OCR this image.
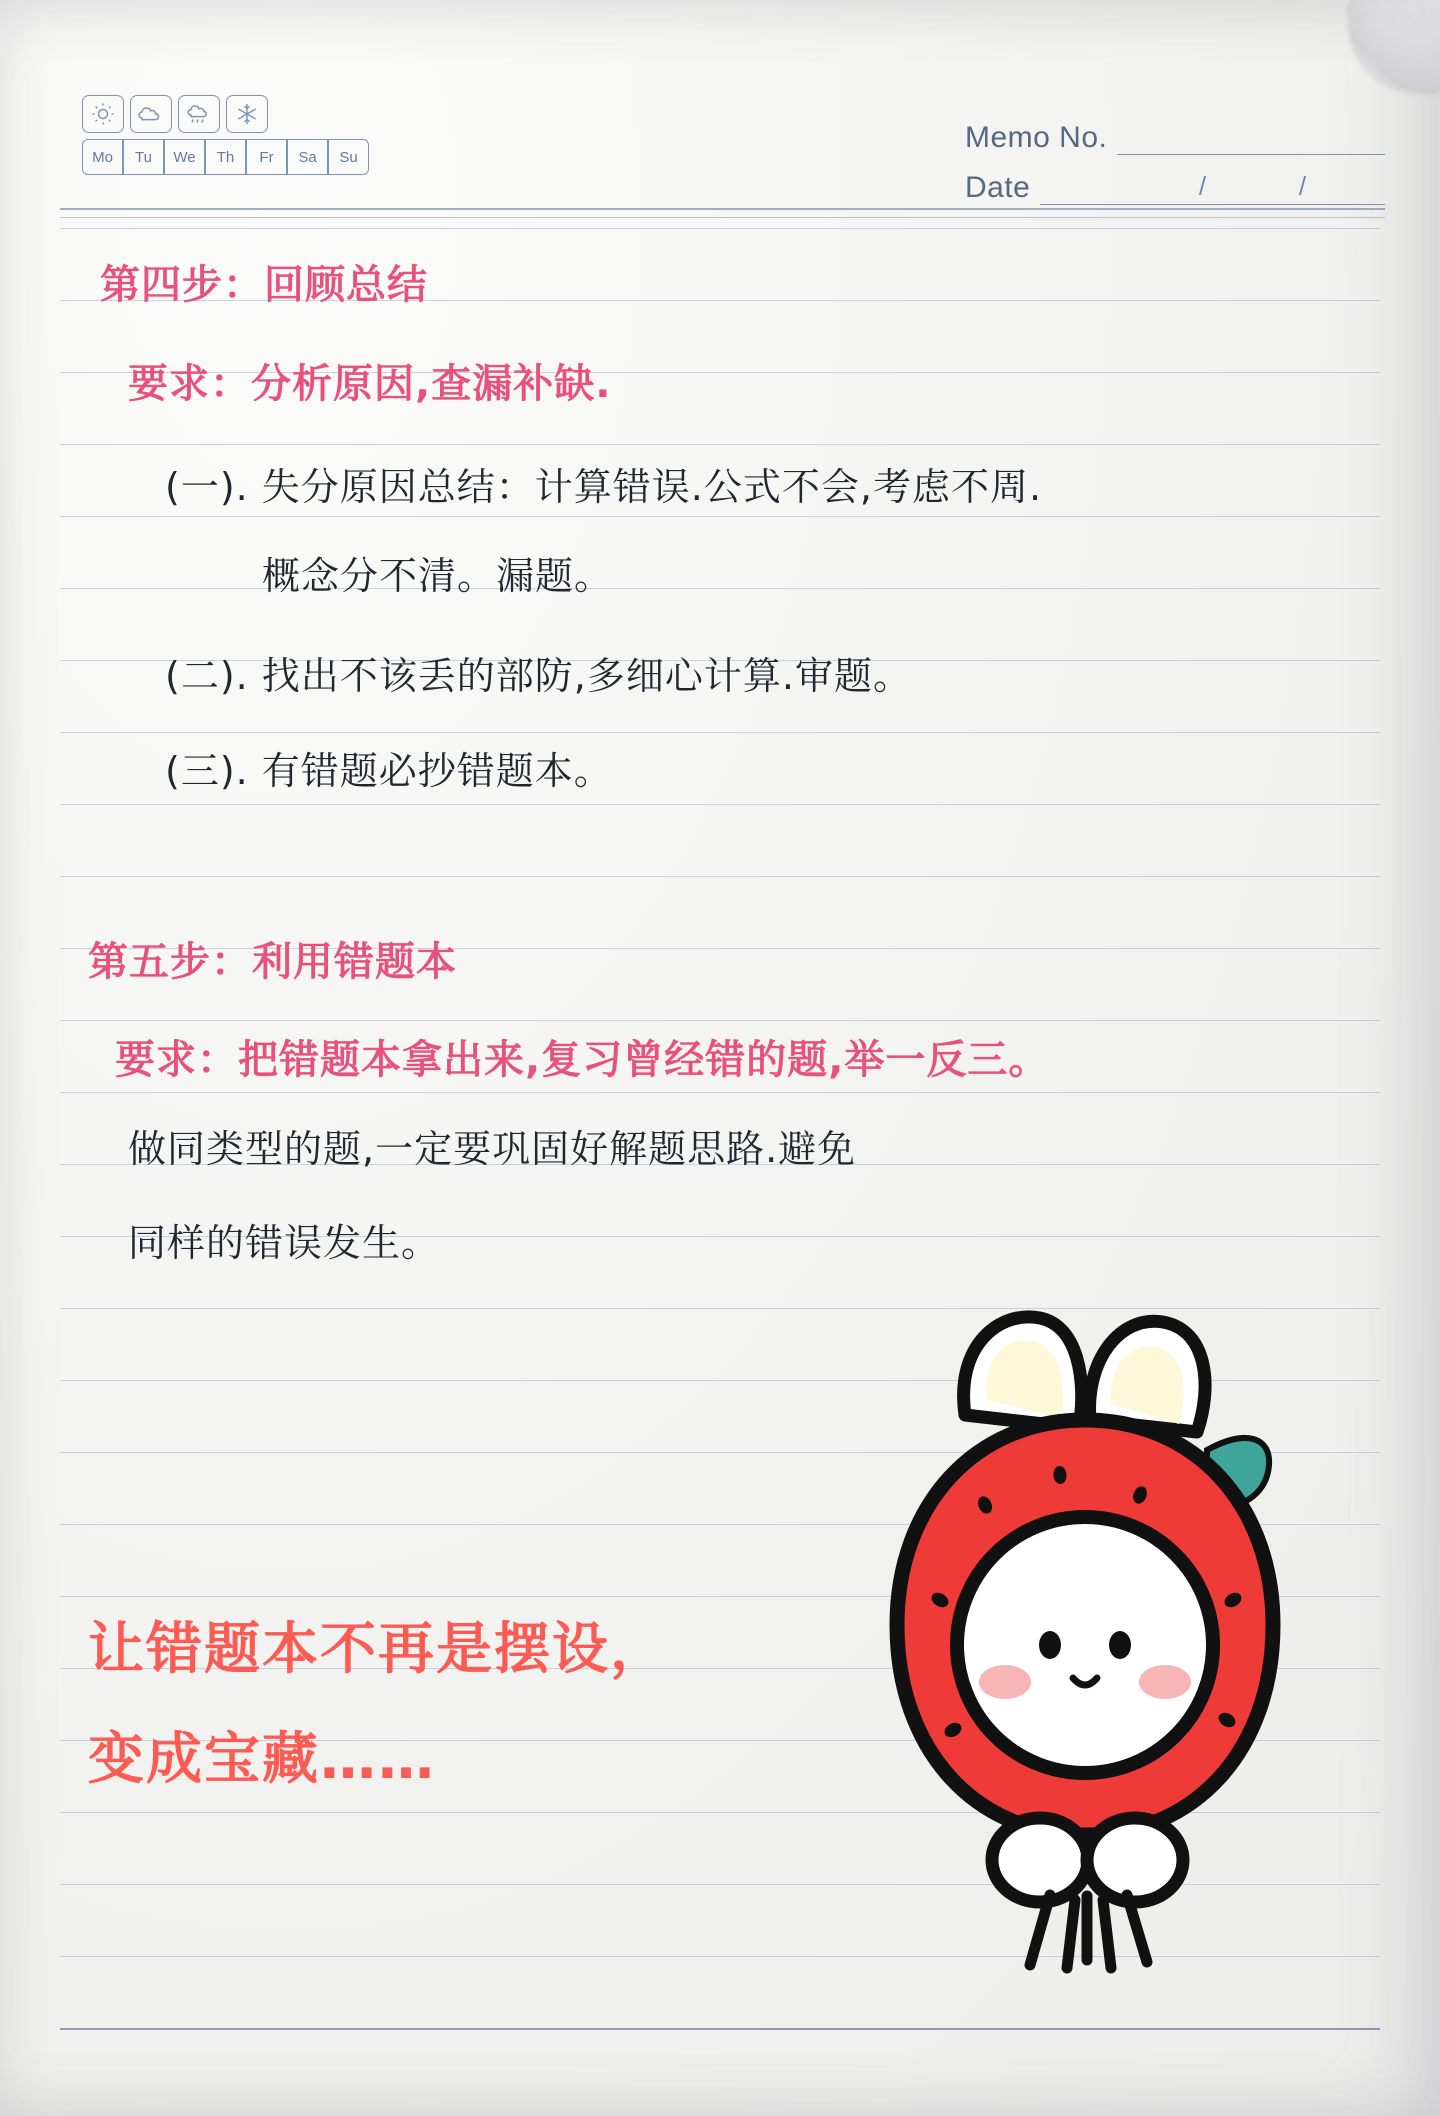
Mo	Tu	We	Th	Fr	Sa	Su
Memo No.
Date	/	/
第四步：回顾总结
要求：分析原因,查漏补缺.
(一). 失分原因总结：计算错误.公式不会,考虑不周.
概念分不清。漏题。
(二). 找出不该丢的部防,多细心计算.审题。
(三). 有错题必抄错题本。
第五步：利用错题本
要求：把错题本拿出来,复习曾经错的题,举一反三。
做同类型的题,一定要巩固好解题思路.避免
同样的错误发生。
让错题本不再是摆设，
变成宝藏……
